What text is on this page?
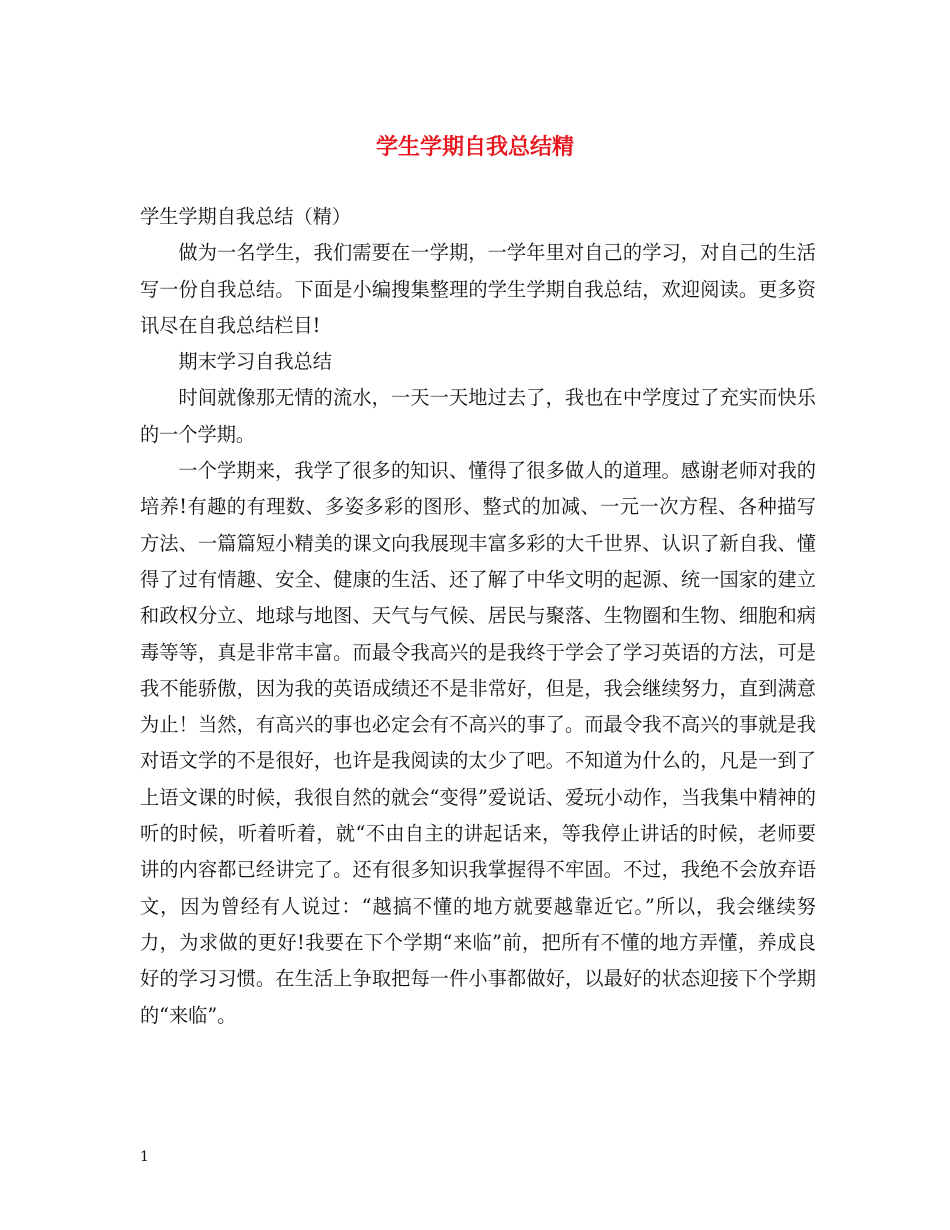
学生学期自我总结精

学生学期自我总结（精）

做为一名学生，我们需要在一学期，一学年里对自己的学习，对自己的生活写一份自我总结。下面是小编搜集整理的学生学期自我总结，欢迎阅读。更多资讯尽在自我总结栏目!

期末学习自我总结

时间就像那无情的流水，一天一天地过去了，我也在中学度过了充实而快乐的一个学期。

一个学期来，我学了很多的知识、懂得了很多做人的道理。感谢老师对我的培养!有趣的有理数、多姿多彩的图形、整式的加减、一元一次方程、各种描写方法、一篇篇短小精美的课文向我展现丰富多彩的大千世界、认识了新自我、懂得了过有情趣、安全、健康的生活、还了解了中华文明的起源、统一国家的建立和政权分立、地球与地图、天气与气候、居民与聚落、生物圈和生物、细胞和病毒等等，真是非常丰富。而最令我高兴的是我终于学会了学习英语的方法，可是我不能骄傲，因为我的英语成绩还不是非常好，但是，我会继续努力，直到满意为止！当然，有高兴的事也必定会有不高兴的事了。而最令我不高兴的事就是我对语文学的不是很好，也许是我阅读的太少了吧。不知道为什么的，凡是一到了上语文课的时候，我很自然的就会“变得”爱说话、爱玩小动作，当我集中精神的听的时候，听着听着，就“不由自主的讲起话来，等我停止讲话的时候，老师要讲的内容都已经讲完了。还有很多知识我掌握得不牢固。不过，我绝不会放弃语文，因为曾经有人说过：“越搞不懂的地方就要越靠近它。”所以，我会继续努力，为求做的更好!我要在下个学期“来临”前，把所有不懂的地方弄懂，养成良好的学习习惯。在生活上争取把每一件小事都做好，以最好的状态迎接下个学期的“来临”。

1
